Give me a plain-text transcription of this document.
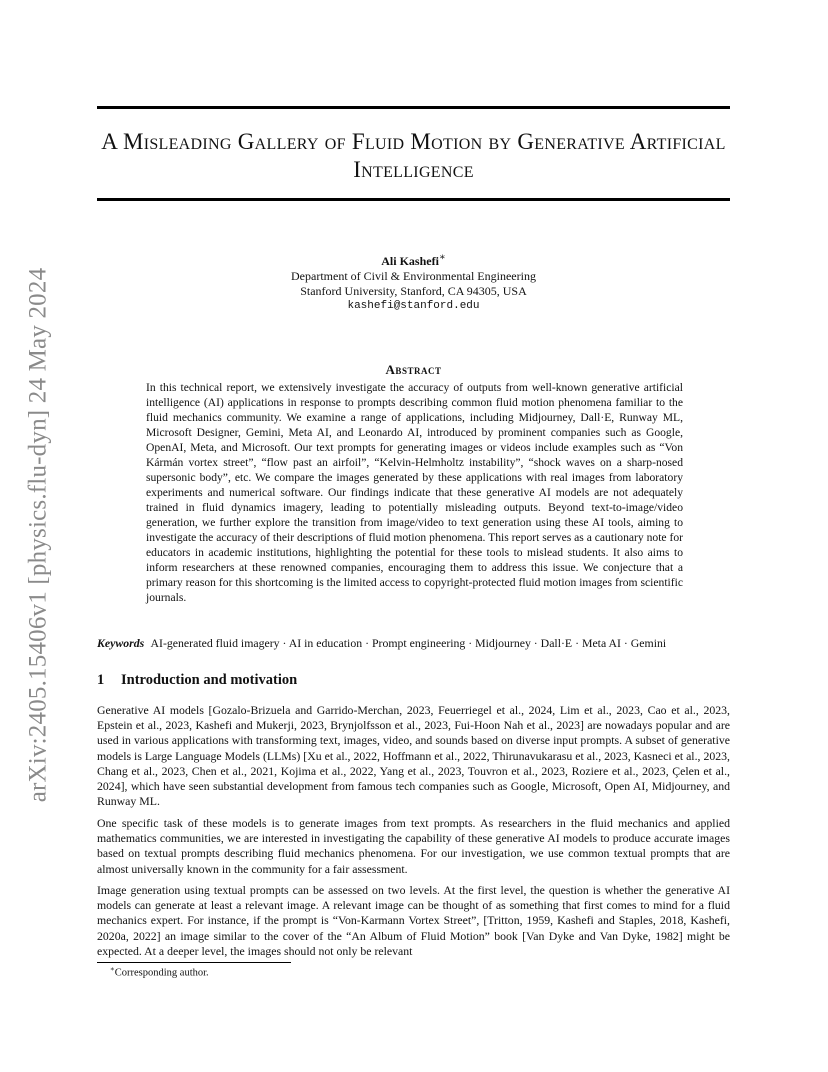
arXiv:2405.15406v1 [physics.flu-dyn] 24 May 2024
A Misleading Gallery of Fluid Motion by Generative Artificial Intelligence
Ali Kashefi∗
Department of Civil & Environmental Engineering
Stanford University, Stanford, CA 94305, USA
kashefi@stanford.edu
Abstract
In this technical report, we extensively investigate the accuracy of outputs from well-known generative artificial intelligence (AI) applications in response to prompts describing common fluid motion phenomena familiar to the fluid mechanics community. We examine a range of applications, including Midjourney, Dall·E, Runway ML, Microsoft Designer, Gemini, Meta AI, and Leonardo AI, introduced by prominent companies such as Google, OpenAI, Meta, and Microsoft. Our text prompts for generating images or videos include examples such as “Von Kármán vortex street”, “flow past an airfoil”, “Kelvin-Helmholtz instability”, “shock waves on a sharp-nosed supersonic body”, etc. We compare the images generated by these applications with real images from laboratory experiments and numerical software. Our findings indicate that these generative AI models are not adequately trained in fluid dynamics imagery, leading to potentially misleading outputs. Beyond text-to-image/video generation, we further explore the transition from image/video to text generation using these AI tools, aiming to investigate the accuracy of their descriptions of fluid motion phenomena. This report serves as a cautionary note for educators in academic institutions, highlighting the potential for these tools to mislead students. It also aims to inform researchers at these renowned companies, encouraging them to address this issue. We conjecture that a primary reason for this shortcoming is the limited access to copyright-protected fluid motion images from scientific journals.
Keywords AI-generated fluid imagery · AI in education · Prompt engineering · Midjourney · Dall·E · Meta AI · Gemini
1 Introduction and motivation

Generative AI models [Gozalo-Brizuela and Garrido-Merchan, 2023, Feuerriegel et al., 2024, Lim et al., 2023, Cao et al., 2023, Epstein et al., 2023, Kashefi and Mukerji, 2023, Brynjolfsson et al., 2023, Fui-Hoon Nah et al., 2023] are nowadays popular and are used in various applications with transforming text, images, video, and sounds based on diverse input prompts. A subset of generative models is Large Language Models (LLMs) [Xu et al., 2022, Hoffmann et al., 2022, Thirunavukarasu et al., 2023, Kasneci et al., 2023, Chang et al., 2023, Chen et al., 2021, Kojima et al., 2022, Yang et al., 2023, Touvron et al., 2023, Roziere et al., 2023, Çelen et al., 2024], which have seen substantial development from famous tech companies such as Google, Microsoft, Open AI, Midjourney, and Runway ML.

One specific task of these models is to generate images from text prompts. As researchers in the fluid mechanics and applied mathematics communities, we are interested in investigating the capability of these generative AI models to produce accurate images based on textual prompts describing fluid mechanics phenomena. For our investigation, we use common textual prompts that are almost universally known in the community for a fair assessment.

Image generation using textual prompts can be assessed on two levels. At the first level, the question is whether the generative AI models can generate at least a relevant image. A relevant image can be thought of as something that first comes to mind for a fluid mechanics expert. For instance, if the prompt is “Von-Karmann Vortex Street”, [Tritton, 1959, Kashefi and Staples, 2018, Kashefi, 2020a, 2022] an image similar to the cover of the “An Album of Fluid Motion” book [Van Dyke and Van Dyke, 1982] might be expected. At a deeper level, the images should not only be relevant

∗Corresponding author.
